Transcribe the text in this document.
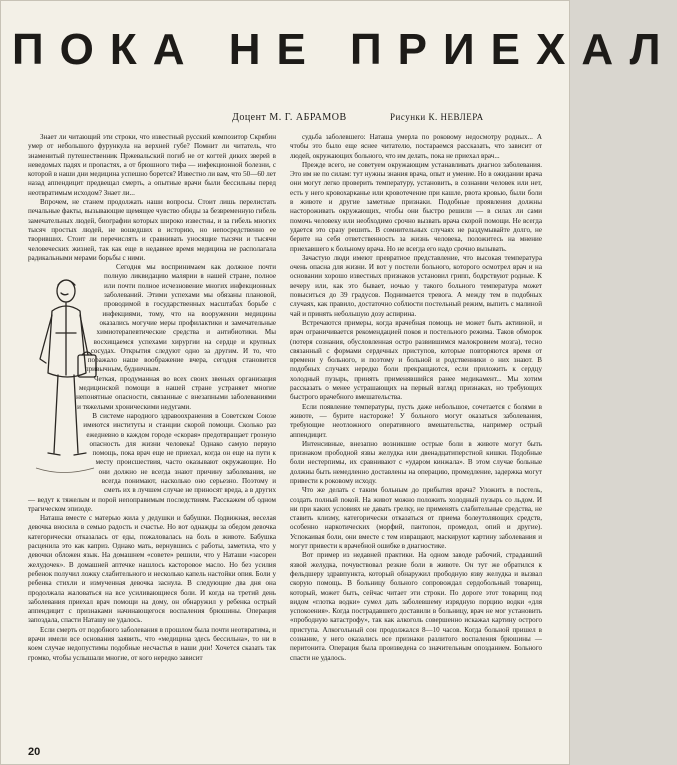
ПОКА НЕ ПРИЕХАЛ
Доцент М. Г. АБРАМОВ	Рисунки К. НЕВЛЕРА

Знает ли читающий эти строки, что известный русский композитор Скрябин умер от небольшого фурункула на верхней губе? Помнит ли читатель, что знаменитый путешественник Пржевальский погиб не от когтей диких зверей в неведомых падях и пропастях, а от брюшного тифа — инфекционной болезни, с которой в наши дни медицина успешно борется? Известно ли вам, что 50—60 лет назад аппендицит предвещал смерть, а опытные врачи были бессильны перед неотвратимым исходом? Знает ли...

Впрочем, не станем продолжать наши вопросы. Стоит лишь перелистать печальные факты, вызывающие щемящее чувство обиды за безвременную гибель замечательных людей, биографии которых широко известны, и за гибель многих тысяч простых людей, не вошедших в историю, но непосредственно ее творивших. Стоит ли перечислять и сравнивать уносящие тысячи и тысячи человеческих жизней, так как еще в недавнее время медицина не располагала радикальными мерами борьбы с ними.

Сегодня мы воспринимаем как должное почти полную ликвидацию малярии в нашей стране, полное или почти полное исчезновение многих инфекционных заболеваний. Этими успехами мы обязаны плановой, проводимой в государственных масштабах борьбе с инфекциями, тому, что на вооружении медицины оказались могучие меры профилактики и замечательные химиотерапевтические средства и антибиотики. Мы восхищаемся успехами хирургии на сердце и крупных сосудах. Открытия следуют одно за другим. И то, что поражало наше воображение вчера, сегодня становится привычным, будничным.

Четкая, продуманная во всех своих звеньях организация медицинской помощи в нашей стране устраняет многие непонятные опасности, связанные с внезапными заболеваниями и тяжелыми хроническими недугами.

В системе народного здравоохранения в Советском Союзе имеются институты и станции скорой помощи. Сколько раз ежедневно в каждом городе «скорая» предотвращает грозную опасность для жизни человека! Однако самую первую помощь, пока врач еще не приехал, когда он еще на пути к месту происшествия, часто оказывают окружающие. Но они должно не всегда знают причину заболевания, не всегда понимают, насколько оно серьезно. Поэтому и сметь их в лучшем случае не приносят вреда, а в других — ведут к тяжелым и порой непоправимым последствиям. Расскажем об одном трагическом эпизоде.

Наташа вместе с матерью жила у дедушки и бабушки. Подвижная, веселая девочка вносила в семью радость и счастье. Но вот однажды за обедом девочка категорически отказалась от еды, пожаловалась на боль в животе. Бабушка расценила это как каприз. Однако мать, вернувшись с работы, заметила, что у девочки обложен язык. На домашнем «совете» решили, что у Наташи «засорен желудочек». В домашней аптечке нашлось касторовое масло. Но без усилия ребенок получил ложку слабительного и несколько капель настойки опия. Боли у ребенка стихли и измученная девочка заснула. В следующие два дня она продолжала жаловаться на все усиливающиеся боли. И когда на третий день заболевания приехал врач помощи на дому, он обнаружил у ребенка острый аппендицит с признаками начинающегося воспаления брюшины. Операция запоздала, спасти Наташу не удалось.

Если смерть от подобного заболевания в прошлом была почти неотвратима, и врачи имели все основания заявить, что «медицина здесь бессильна», то ни в коем случае недопустимы подобные несчастья в наши дни! Хочется сказать так громко, чтобы услышали многие, от кого нередко зависит

судьба заболевшего: Наташа умерла по роковому недосмотру родных... А чтобы это было еще яснее читателю, постараемся рассказать, что зависит от людей, окружающих больного, что им делать, пока не приехал врач...

Прежде всего, не советуем окружающим устанавливать диагноз заболевания. Это им не по силам: тут нужны знания врача, опыт и умение. Но в ожидании врача они могут легко проверить температуру, установить, в сознании человек или нет, есть у него кровохарканье или кровотечение при кашле, рвота кровью, были боли в животе и другие заметные признаки. Подобные проявления должны настороживать окружающих, чтобы они быстро решили — в силах ли сами помочь человеку или необходимо срочно вызвать врача скорой помощи. Не всегда удается это сразу решить. В сомнительных случаях не раздумывайте долго, не берите на себя ответственность за жизнь человека, положитесь на мнение приехавшего к больному врача. Но не всегда его надо срочно вызывать.

Зачастую люди имеют превратное представление, что высокая температура очень опасна для жизни. И вот у постели больного, которого осмотрел врач и на основании хорошо известных признаков установил грипп, бодрствуют родные. К вечеру или, как это бывает, ночью у такого больного температура может повыситься до 39 градусов. Поднимается тревога. А между тем в подобных случаях, как правило, достаточно соблюсти постельный режим, выпить с малиной чай и принять небольшую дозу аспирина.

Встречаются примеры, когда врачебная помощь не может быть активной, и врач ограничивается рекомендацией покоя и постельного режима. Таков обморок (потеря сознания, обусловленная остро развившимся малокровием мозга), тесно связанный с формами сердечных приступов, которые повторяются время от времени у больного, и поэтому и больной и родственники о них знают. В подобных случаях нередко боли прекращаются, если приложить к сердцу холодный пузырь, принять применявшийся ранее медикамент... Мы хотим рассказать о менее устрашающих на первый взгляд признаках, но требующих быстрого врачебного вмешательства.

Если появление температуры, пусть даже небольшое, сочетается с болями в животе, — бурите настороже! У больного могут оказаться заболевания, требующие неотложного оперативного вмешательства, например острый аппендицит.

Интенсивные, внезапно возникшие острые боли в животе могут быть признаком прободной язвы желудка или двенадцатиперстной кишки. Подобные боли нестерпимы, их сравнивают с «ударом кинжала». В этом случае больные должны быть немедленно доставлены на операцию, промедление, задержка могут привести к роковому исходу.

Что же делать с таким больным до прибытия врача? Уложить в постель, создать полный покой. На живот можно положить холодный пузырь со льдом. И ни при каких условиях не давать грелку, не применять слабительные средства, не ставить клизму, категорически отказаться от приема болеутоляющих средств, особенно наркотических (морфий, пантопон, промедол, опий и другие). Успокаивая боли, они вместе с тем извращают, маскируют картину заболевания и могут привести к врачебной ошибке в диагностике.

Вот пример из недавней практики. На одном заводе рабочий, страдавший язвой желудка, почувствовал резкие боли в животе. Он тут же обратился к фельдшеру здравпункта, который обнаружил прободную язву желудка и вызвал скорую помощь. В больницу больного сопровождал сердобольный товарищ, который, может быть, сейчас читает эти строки. По дороге этот товарищ под видом «глотка водки» сумел дать заболевшему изрядную порцию водки «для успокоения». Когда пострадавшего доставили в больницу, врач не мог установить «прободную катастрофу», так как алкоголь совершенно искажал картину острого приступа. Алкогольный сон продолжался 8—10 часов. Когда больной пришел в сознание, у него оказались все признаки разлитого воспаления брюшины — перитонита. Операция была произведена со значительным опозданием. Больного спасти не удалось.

20
